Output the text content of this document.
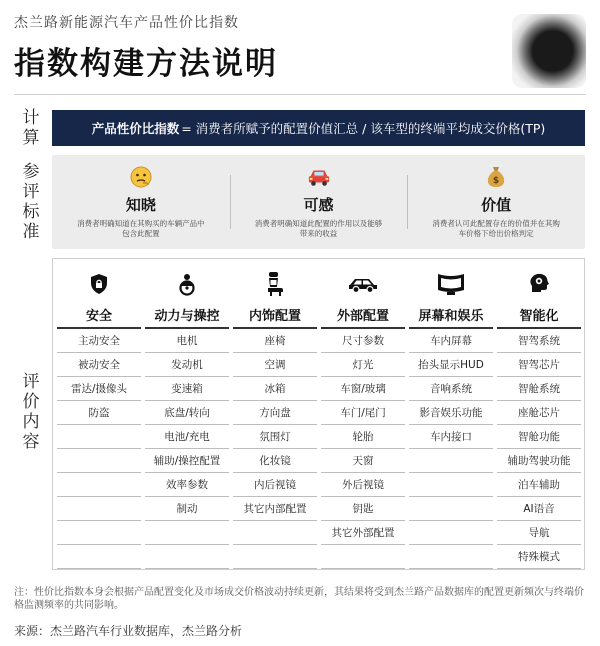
杰兰路新能源汽车产品性价比指数
指数构建方法说明
计
算
参
评
标
准
评
价
内
容
产品性价比指数 = 消费者所赋予的配置价值汇总 / 该车型的终端平均成交价格(TP)
知晓
消费者明确知道在其购买的车辆产品中包含此配置
可感
消费者明确知道此配置的作用以及能够带来的收益
$
价值
消费者认可此配置存在的价值并在其购车价格下给出价格判定
安全
主动安全
被动安全
雷达/摄像头
防盗
动力与操控
电机
发动机
变速箱
底盘/转向
电池/充电
辅助/操控配置
效率参数
制动
内饰配置
座椅
空调
冰箱
方向盘
氛围灯
化妆镜
内后视镜
其它内部配置
外部配置
尺寸参数
灯光
车窗/玻璃
车门/尾门
轮胎
天窗
外后视镜
钥匙
其它外部配置
屏幕和娱乐
车内屏幕
抬头显示HUD
音响系统
影音娱乐功能
车内接口
智能化
智驾系统
智驾芯片
智舱系统
座舱芯片
智舱功能
辅助驾驶功能
泊车辅助
AI语音
导航
特殊模式
注：性价比指数本身会根据产品配置变化及市场成交价格波动持续更新，其结果将受到杰兰路产品数据库的配置更新频次与终端价格监测频率的共同影响。
来源：杰兰路汽车行业数据库，杰兰路分析
